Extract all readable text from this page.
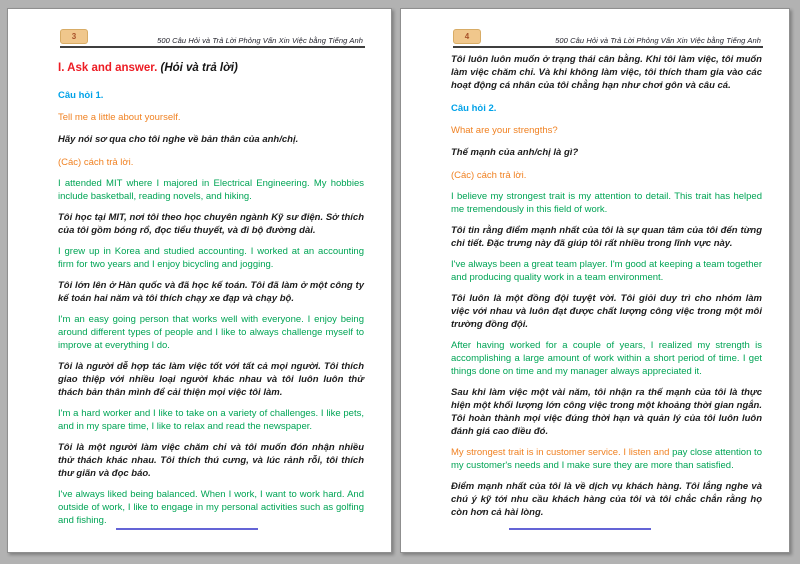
3	500 Câu Hỏi và Trả Lời Phỏng Vấn Xin Việc bằng Tiếng Anh
I. Ask and answer. (Hỏi và trả lời)
Câu hỏi 1.
Tell me a little about yourself.
Hãy nói sơ qua cho tôi nghe về bản thân của anh/chị.
(Các) cách trả lời.
I attended MIT where I majored in Electrical Engineering. My hobbies include basketball, reading novels, and hiking.
Tôi học tại MIT, nơi tôi theo học chuyên ngành Kỹ sư điện. Sở thích của tôi gồm bóng rổ, đọc tiểu thuyết, và đi bộ đường dài.
I grew up in Korea and studied accounting. I worked at an accounting firm for two years and I enjoy bicycling and jogging.
Tôi lớn lên ở Hàn quốc và đã học kế toán. Tôi đã làm ở một công ty kế toán hai năm và tôi thích chạy xe đạp và chạy bộ.
I'm an easy going person that works well with everyone. I enjoy being around different types of people and I like to always challenge myself to improve at everything I do.
Tôi là người dễ hợp tác làm việc tốt với tất cả mọi người. Tôi thích giao thiệp với nhiều loại người khác nhau và tôi luôn luôn thử thách bản thân mình để cải thiện mọi việc tôi làm.
I'm a hard worker and I like to take on a variety of challenges. I like pets, and in my spare time, I like to relax and read the newspaper.
Tôi là một người làm việc chăm chỉ và tôi muốn đón nhận nhiều thử thách khác nhau. Tôi thích thú cưng, và lúc rảnh rỗi, tôi thích thư giãn và đọc báo.
I've always liked being balanced. When I work, I want to work hard. And outside of work, I like to engage in my personal activities such as golfing and fishing.
4	500 Câu Hỏi và Trả Lời Phỏng Vấn Xin Việc bằng Tiếng Anh
Tôi luôn luôn muốn ở trạng thái cân bằng. Khi tôi làm việc, tôi muốn làm việc chăm chỉ. Và khi không làm việc, tôi thích tham gia vào các hoạt động cá nhân của tôi chẳng hạn như chơi gôn và câu cá.
Câu hỏi 2.
What are your strengths?
Thế mạnh của anh/chị là gì?
(Các) cách trả lời.
I believe my strongest trait is my attention to detail. This trait has helped me tremendously in this field of work.
Tôi tin rằng điểm mạnh nhất của tôi là sự quan tâm của tôi đến từng chi tiết. Đặc trưng này đã giúp tôi rất nhiều trong lĩnh vực này.
I've always been a great team player. I'm good at keeping a team together and producing quality work in a team environment.
Tôi luôn là một đồng đội tuyệt vời. Tôi giỏi duy trì cho nhóm làm việc với nhau và luôn đạt được chất lượng công việc trong một môi trường đồng đội.
After having worked for a couple of years, I realized my strength is accomplishing a large amount of work within a short period of time. I get things done on time and my manager always appreciated it.
Sau khi làm việc một vài năm, tôi nhận ra thế mạnh của tôi là thực hiện một khối lượng lớn công việc trong một khoảng thời gian ngắn. Tôi hoàn thành mọi việc đúng thời hạn và quản lý của tôi luôn luôn đánh giá cao điều đó.
My strongest trait is in customer service. I listen and pay close attention to my customer's needs and I make sure they are more than satisfied.
Điểm mạnh nhất của tôi là về dịch vụ khách hàng. Tôi lắng nghe và chú ý kỹ tới nhu cầu khách hàng của tôi và tôi chắc chắn rằng họ còn hơn cả hài lòng.
